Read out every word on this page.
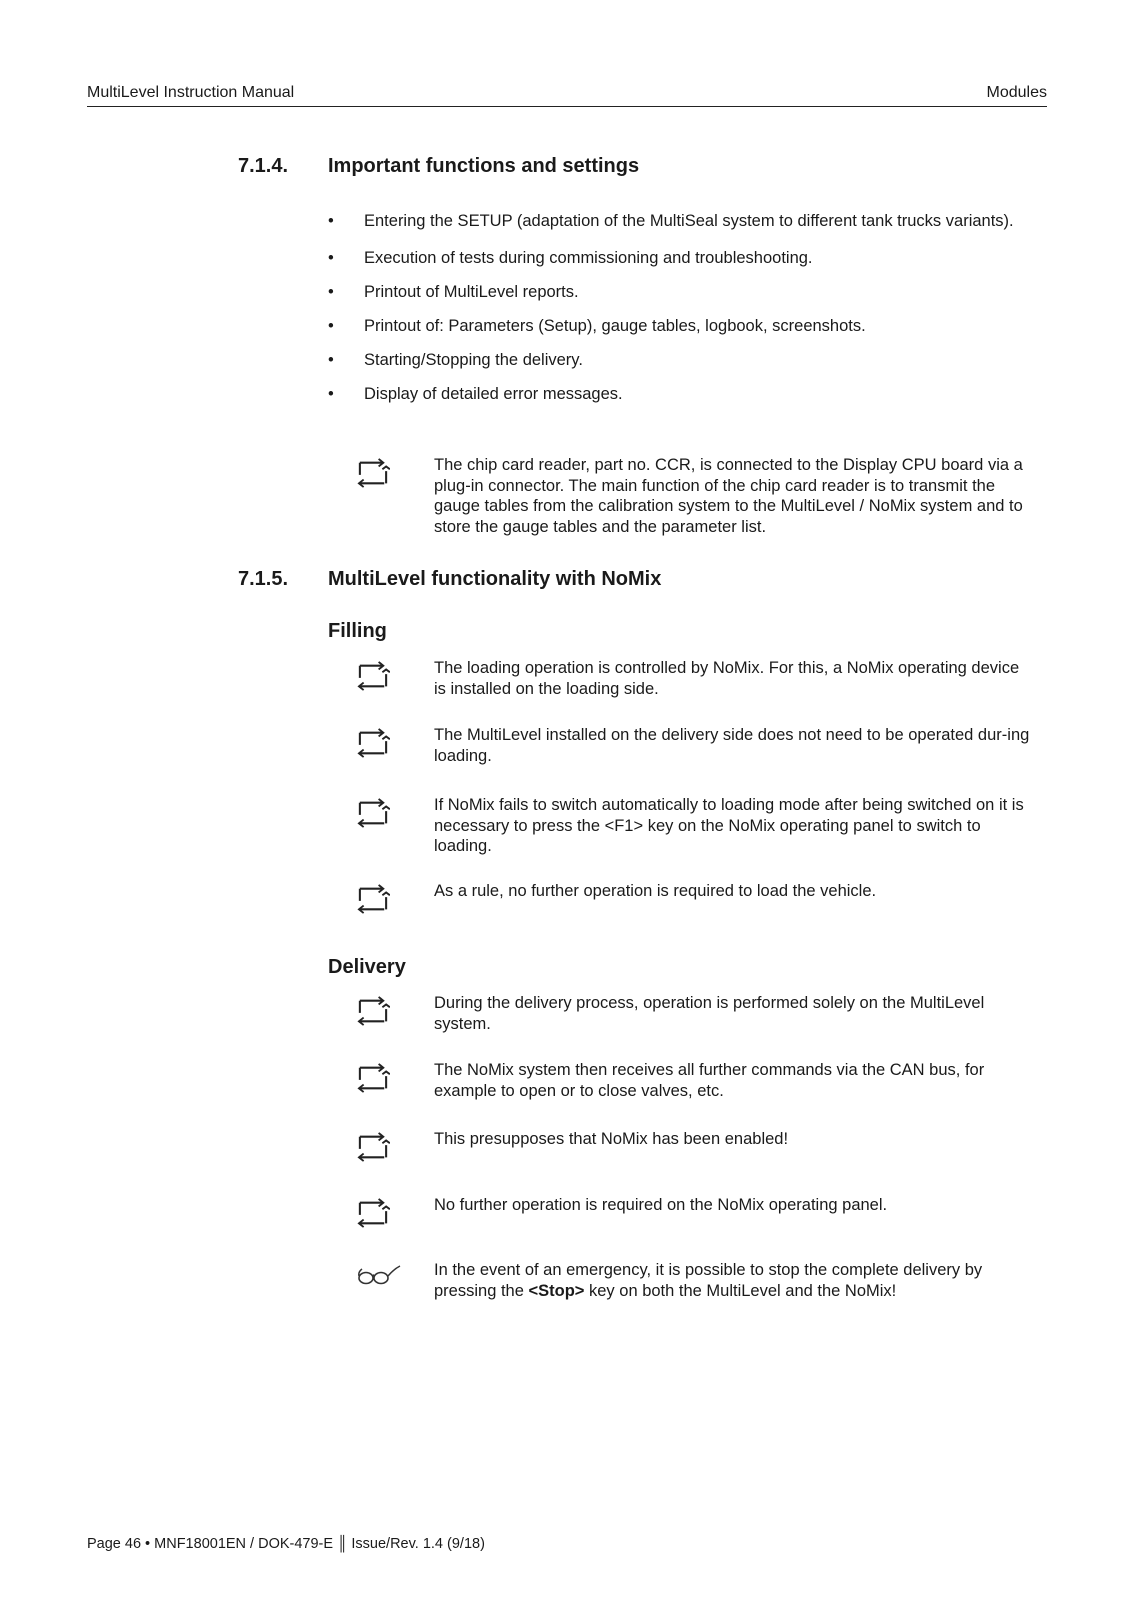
MultiLevel Instruction Manual	Modules
7.1.4.	Important functions and settings
• Entering the SETUP (adaptation of the MultiSeal system to different tank trucks variants).
• Execution of tests during commissioning and troubleshooting.
• Printout of MultiLevel reports.
• Printout of: Parameters (Setup), gauge tables, logbook, screenshots.
• Starting/Stopping the delivery.
• Display of detailed error messages.
The chip card reader, part no. CCR, is connected to the Display CPU board via a plug-in connector. The main function of the chip card reader is to transmit the gauge tables from the calibration system to the MultiLevel / NoMix system and to store the gauge tables and the parameter list.
7.1.5.	MultiLevel functionality with NoMix
Filling
The loading operation is controlled by NoMix. For this, a NoMix operating device is installed on the loading side.
The MultiLevel installed on the delivery side does not need to be operated dur-ing loading.
If NoMix fails to switch automatically to loading mode after being switched on it is necessary to press the <F1> key on the NoMix operating panel to switch to loading.
As a rule, no further operation is required to load the vehicle.
Delivery
During the delivery process, operation is performed solely on the MultiLevel system.
The NoMix system then receives all further commands via the CAN bus, for example to open or to close valves, etc.
This presupposes that NoMix has been enabled!
No further operation is required on the NoMix operating panel.
In the event of an emergency, it is possible to stop the complete delivery by pressing the <Stop> key on both the MultiLevel and the NoMix!
Page 46 • MNF18001EN / DOK-479-E ║ Issue/Rev. 1.4 (9/18)
